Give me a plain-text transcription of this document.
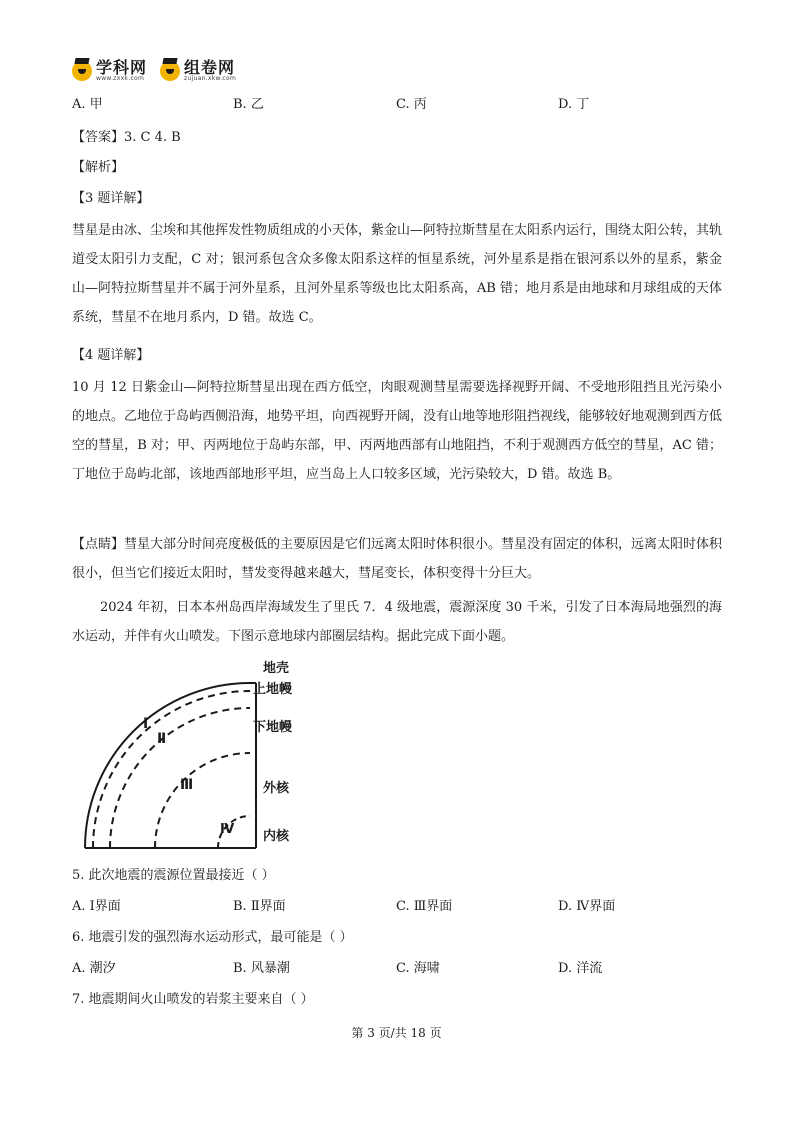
学科网
www.zxxk.com
组卷网
zujuan.xkw.com
A. 甲	B. 乙	C. 丙	D. 丁
【答案】3. C 4. B
【解析】
【3 题详解】
彗星是由冰、尘埃和其他挥发性物质组成的小天体，紫金山—阿特拉斯彗星在太阳系内运行，围绕太阳公转，其轨道受太阳引力支配，C 对；银河系包含众多像太阳系这样的恒星系统，河外星系是指在银河系以外的星系，紫金山—阿特拉斯彗星并不属于河外星系，且河外星系等级也比太阳系高，AB 错；地月系是由地球和月球组成的天体系统，彗星不在地月系内，D 错。故选 C。
【4 题详解】
10 月 12 日紫金山—阿特拉斯彗星出现在西方低空，肉眼观测彗星需要选择视野开阔、不受地形阻挡且光污染小的地点。乙地位于岛屿西侧沿海，地势平坦，向西视野开阔，没有山地等地形阻挡视线，能够较好地观测到西方低空的彗星，B 对；甲、丙两地位于岛屿东部，甲、丙两地西部有山地阻挡，不利于观测西方低空的彗星，AC 错；丁地位于岛屿北部，该地西部地形平坦，应当岛上人口较多区域，光污染较大，D 错。故选 B。
【点睛】彗星大部分时间亮度极低的主要原因是它们远离太阳时体积很小。彗星没有固定的体积，远离太阳时体积很小，但当它们接近太阳时，彗发变得越来越大，彗尾变长，体积变得十分巨大。
2024 年初，日本本州岛西岸海域发生了里氏 7．4 级地震，震源深度 30 千米，引发了日本海局地强烈的海水运动，并伴有火山喷发。下图示意地球内部圈层结构。据此完成下面小题。
Ⅰ
Ⅱ
Ⅲ
Ⅳ
地壳
上地幔
下地幔
外核
内核
5. 此次地震的震源位置最接近（ ）
A. Ⅰ界面	B. Ⅱ界面	C. Ⅲ界面	D. Ⅳ界面
6. 地震引发的强烈海水运动形式，最可能是（ ）
A. 潮汐	B. 风暴潮	C. 海啸	D. 洋流
7. 地震期间火山喷发的岩浆主要来自（ ）
第 3 页/共 18 页
